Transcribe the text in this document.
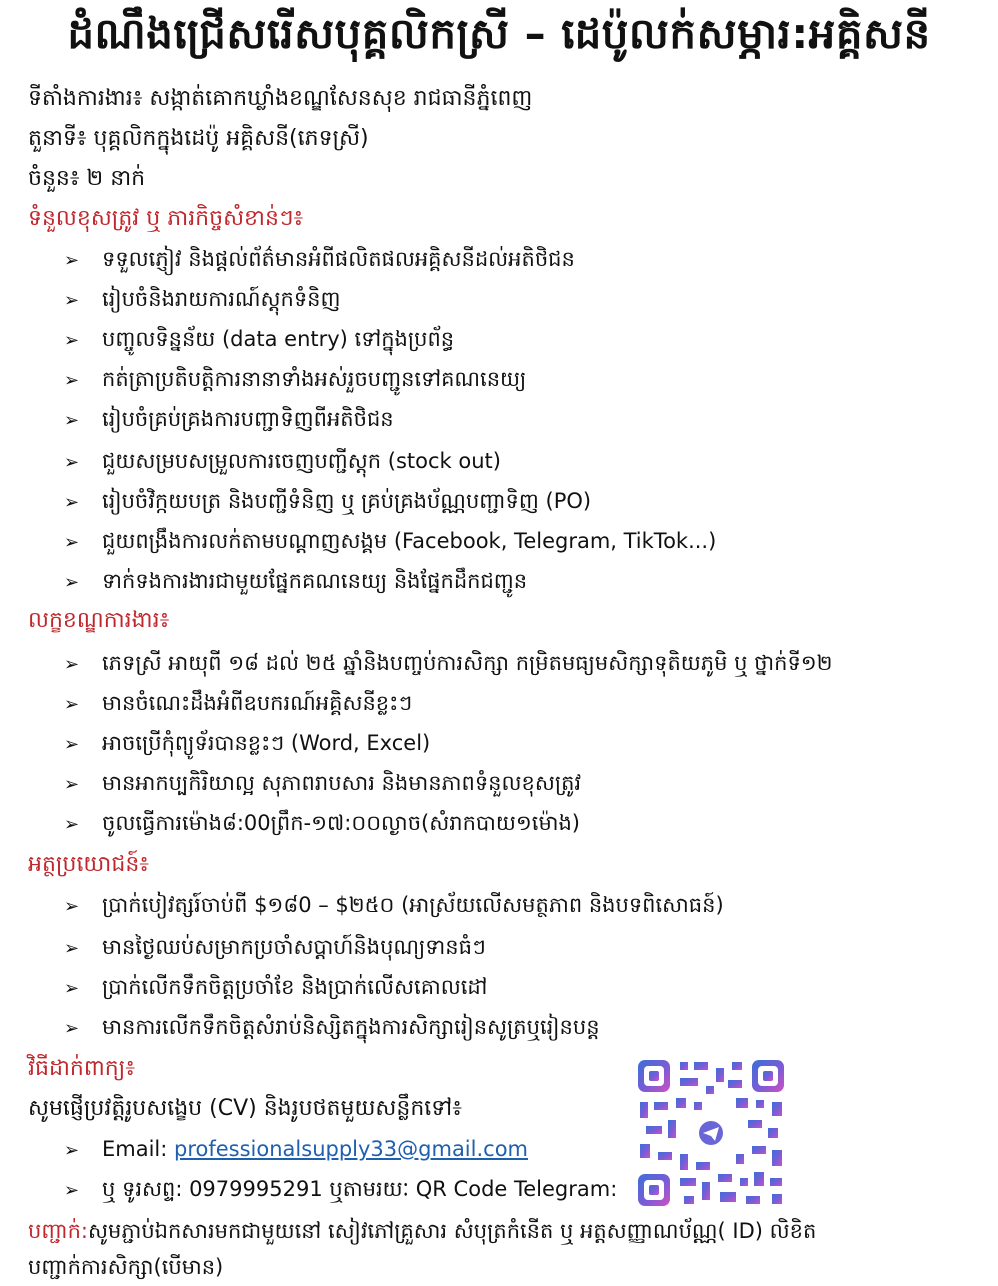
ដំណឹងជ្រើសរើសបុគ្គលិកស្រី – ដេប៉ូលក់សម្ភារ:អគ្គិសនី
ទីតាំងការងារ៖ សង្កាត់គោកឃ្លាំងខណ្ឌសែនសុខ រាជធានីភ្នំពេញ
តួនាទី៖ បុគ្គលិកក្នុងដេប៉ូ អគ្គិសនី(ភេទស្រី)
ចំនួន៖ ២ នាក់
ទំនួលខុសត្រូវ ឬ ភារកិច្ចសំខាន់ៗ៖
➢ ទទួលភ្ញៀវ និងផ្តល់ព័ត៌មានអំពីផលិតផលអគ្គិសនីដល់អតិថិជន
➢ រៀបចំនិងរាយការណ៍ស្តុកទំនិញ
➢ បញ្ចូលទិន្នន័យ (data entry) ទៅក្នុងប្រព័ន្ធ
➢ កត់ត្រាប្រតិបត្តិការនានាទាំងអស់រួចបញ្ជូនទៅគណនេយ្យ
➢ រៀបចំគ្រប់គ្រងការបញ្ជាទិញពីអតិថិជន
➢ ជួយសម្របសម្រួលការចេញបញ្ជីស្តុក (stock out)
➢ រៀបចំវិក្កយបត្រ និងបញ្ជីទំនិញ ឬ គ្រប់គ្រងប័ណ្ណបញ្ជាទិញ (PO)
➢ ជួយពង្រឹងការលក់តាមបណ្តាញសង្គម (Facebook, Telegram, TikTok...)
➢ ទាក់ទងការងារជាមួយផ្នែកគណនេយ្យ និងផ្នែកដឹកជញ្ជូន
លក្ខខណ្ឌការងារ៖
➢ ភេទស្រី អាយុពី ១៨ ដល់ ២៥ ឆ្នាំនិងបញ្ចប់ការសិក្សា កម្រិតមធ្យមសិក្សាទុតិយភូមិ ឬ ថ្នាក់ទី១២
➢ មានចំណេះដឹងអំពីឧបករណ៍អគ្គិសនីខ្លះៗ
➢ អាចប្រើកុំព្យូទ័របានខ្លះៗ (Word, Excel)
➢ មានអាកប្បកិរិយាល្អ សុភាពរាបសារ និងមានភាពទំនួលខុសត្រូវ
➢ ចូលធ្វើការម៉ោង៨:00ព្រឹក-១៧:០០ល្ងាច(សំរាកបាយ១ម៉ោង)
អត្ថប្រយោជន៍៖
➢ ប្រាក់បៀវត្សរ៍ចាប់ពី $១៨0 – $២៥០ (អាស្រ័យលើសមត្ថភាព និងបទពិសោធន៍)
➢ មានថ្ងៃឈប់សម្រាកប្រចាំសប្តាហ៍និងបុណ្យទានធំៗ
➢ ប្រាក់លើកទឹកចិត្តប្រចាំខែ និងប្រាក់លើសគោលដៅ
➢ មានការលើកទឹកចិត្តសំរាប់និស្សិតក្នុងការសិក្សារៀនសូត្រឬរៀនបន្ត
វិធីដាក់ពាក្យ៖
សូមផ្ញើប្រវត្តិរូបសង្ខេប (CV) និងរូបថតមួយសន្លឹកទៅ៖
➢ Email: professionalsupply33@gmail.com
➢ ឬ ទូរសព្ទ: 0979995291 ឬតាមរយៈ QR Code Telegram:
បញ្ជាក់:សូមភ្ជាប់ឯកសារមកជាមួយនៅ សៀវភៅគ្រួសារ សំបុត្រកំនើត ឬ អត្តសញ្ញាណប័ណ្ណ( ID) លិខិត
បញ្ជាក់ការសិក្សា(បើមាន)
